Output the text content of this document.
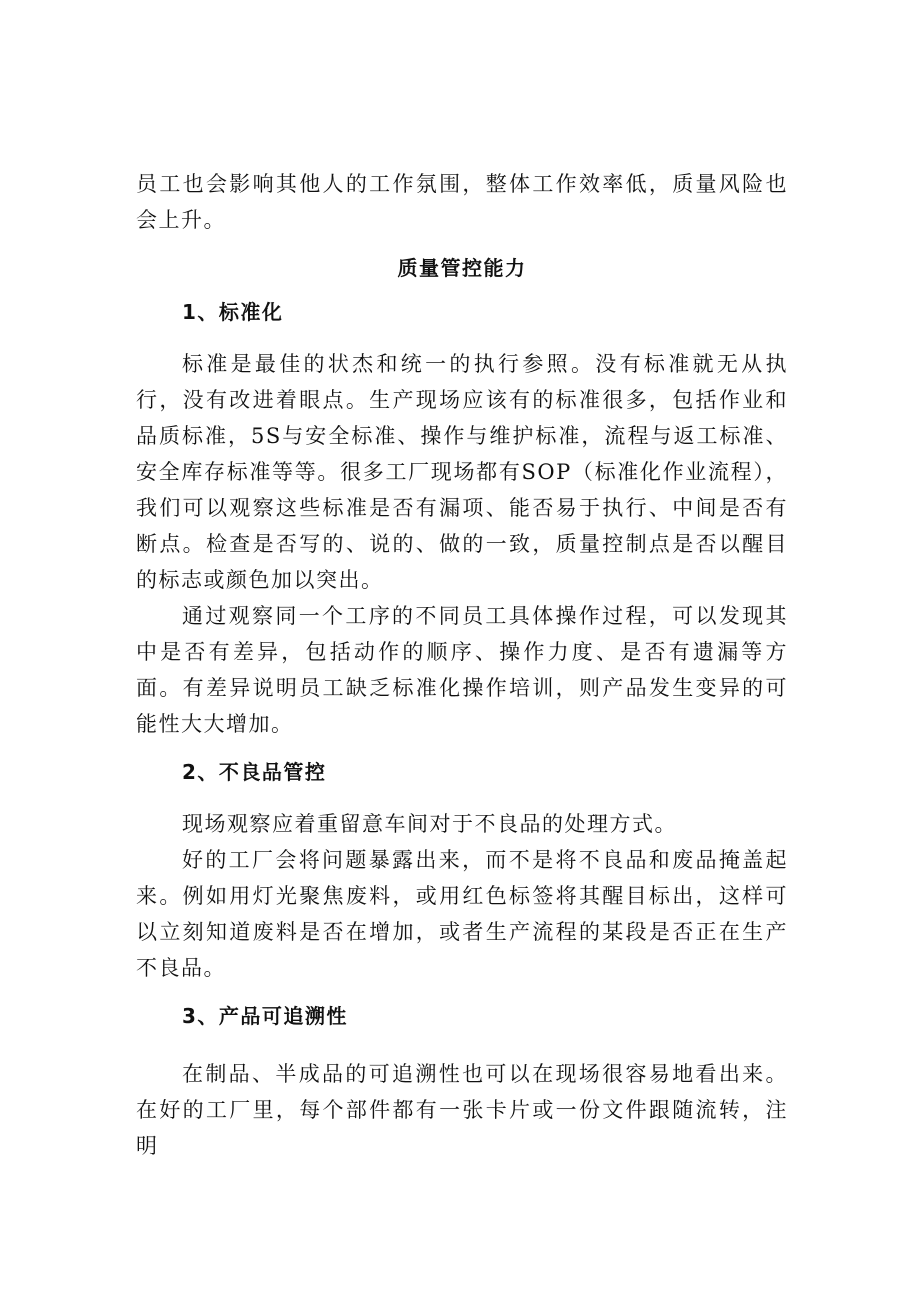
员工也会影响其他人的工作氛围，整体工作效率低，质量风险也会上升。

质量管控能力

1、标准化

标准是最佳的状杰和统一的执行参照。没有标准就无从执行，没有改进着眼点。生产现场应该有的标准很多，包括作业和品质标准，5S与安全标准、操作与维护标准，流程与返工标准、安全库存标准等等。很多工厂现场都有SOP（标准化作业流程），我们可以观察这些标准是否有漏项、能否易于执行、中间是否有断点。检查是否写的、说的、做的一致，质量控制点是否以醒目的标志或颜色加以突出。

通过观察同一个工序的不同员工具体操作过程，可以发现其中是否有差异，包括动作的顺序、操作力度、是否有遗漏等方面。有差异说明员工缺乏标准化操作培训，则产品发生变异的可能性大大增加。

2、不良品管控

现场观察应着重留意车间对于不良品的处理方式。

好的工厂会将问题暴露出来，而不是将不良品和废品掩盖起来。例如用灯光聚焦废料，或用红色标签将其醒目标出，这样可以立刻知道废料是否在增加，或者生产流程的某段是否正在生产不良品。

3、产品可追溯性

在制品、半成品的可追溯性也可以在现场很容易地看出来。在好的工厂里，每个部件都有一张卡片或一份文件跟随流转，注明
